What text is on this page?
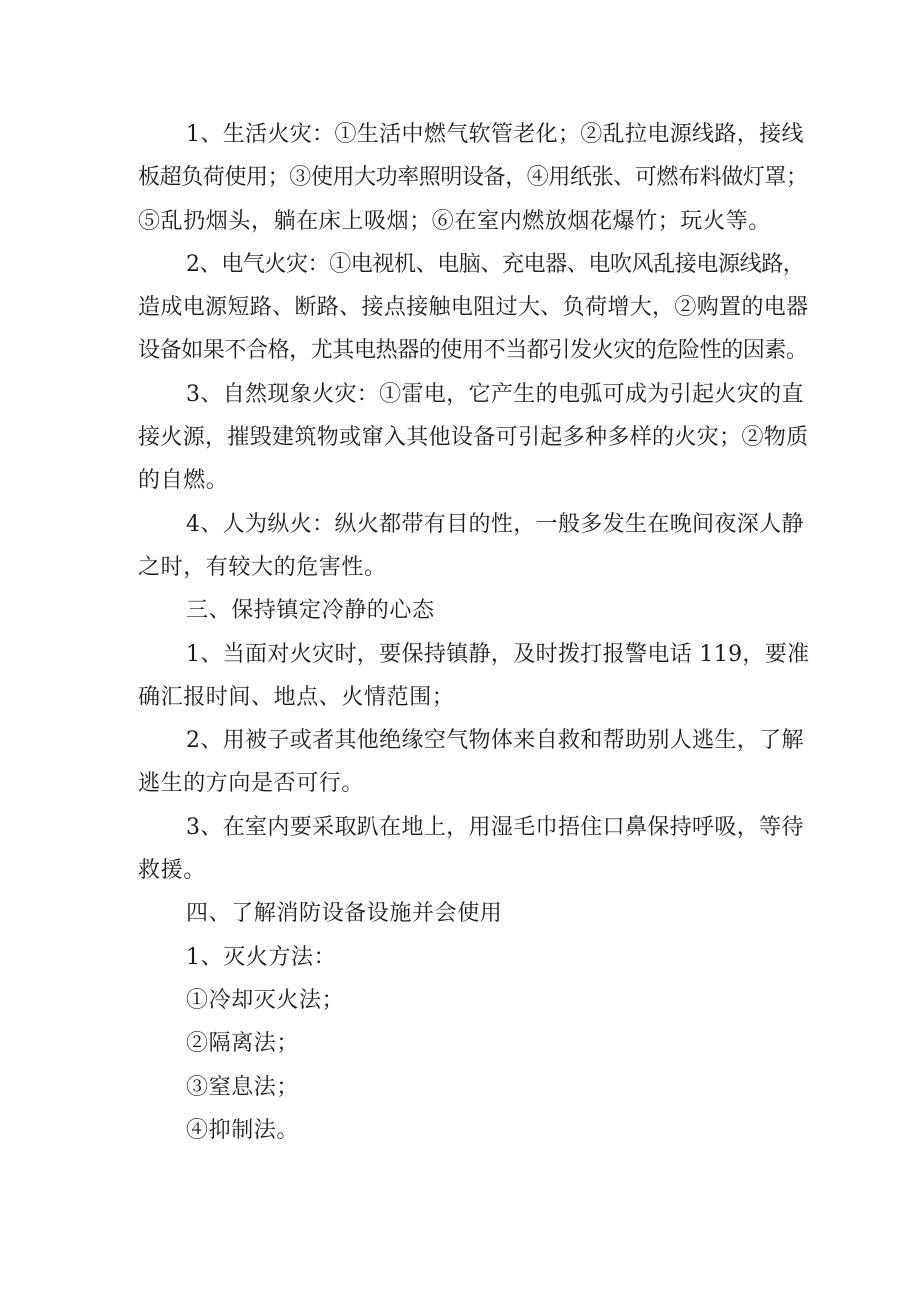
1、生活火灾：①生活中燃气软管老化；②乱拉电源线路，接线

板超负荷使用；③使用大功率照明设备，④用纸张、可燃布料做灯罩；

⑤乱扔烟头，躺在床上吸烟；⑥在室内燃放烟花爆竹；玩火等。

2、电气火灾：①电视机、电脑、充电器、电吹风乱接电源线路，

造成电源短路、断路、接点接触电阻过大、负荷增大，②购置的电器

设备如果不合格，尤其电热器的使用不当都引发火灾的危险性的因素。

3、自然现象火灾：①雷电，它产生的电弧可成为引起火灾的直

接火源，摧毁建筑物或窜入其他设备可引起多种多样的火灾；②物质

的自燃。

4、人为纵火：纵火都带有目的性，一般多发生在晚间夜深人静

之时，有较大的危害性。

三、保持镇定冷静的心态

1、当面对火灾时，要保持镇静，及时拨打报警电话 119，要准

确汇报时间、地点、火情范围；

2、用被子或者其他绝缘空气物体来自救和帮助别人逃生，了解

逃生的方向是否可行。

3、在室内要采取趴在地上，用湿毛巾捂住口鼻保持呼吸，等待

救援。

四、了解消防设备设施并会使用

1、灭火方法：

①冷却灭火法；

②隔离法；

③窒息法；

④抑制法。
